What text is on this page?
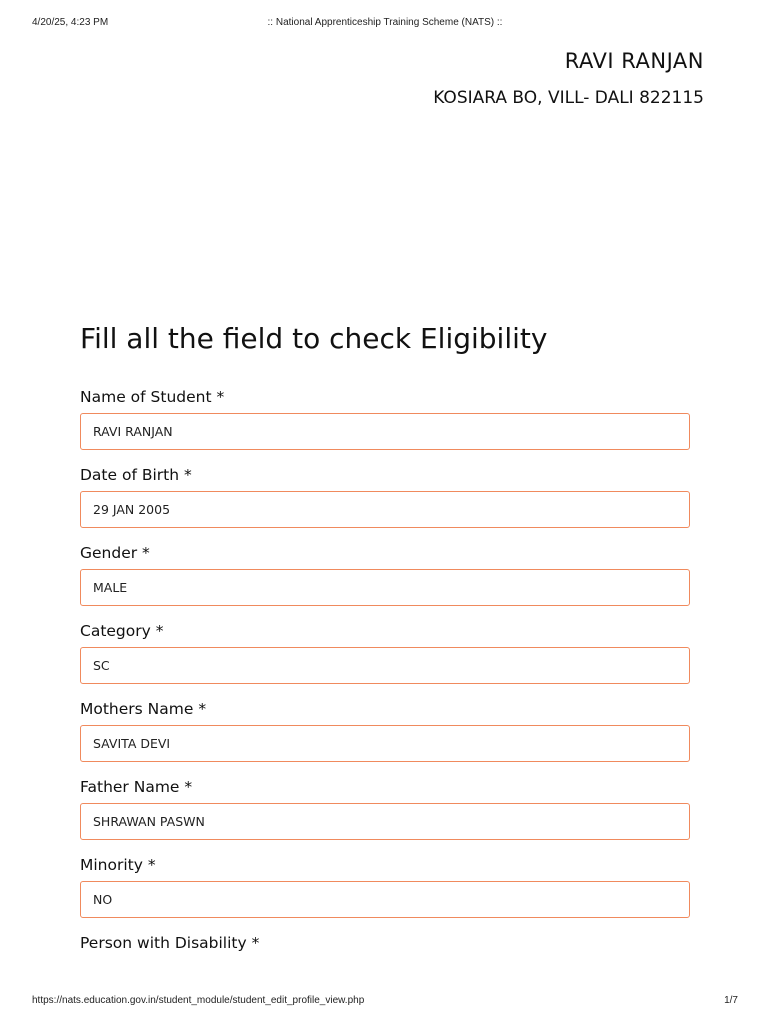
4/20/25, 4:23 PM	:: National Apprenticeship Training Scheme (NATS) ::
RAVI RANJAN
KOSIARA BO, VILL- DALI 822115
Fill all the field to check Eligibility
Name of Student *
RAVI RANJAN
Date of Birth *
29 JAN 2005
Gender *
MALE
Category *
SC
Mothers Name *
SAVITA DEVI
Father Name *
SHRAWAN PASWN
Minority *
NO
Person with Disability *
https://nats.education.gov.in/student_module/student_edit_profile_view.php	1/7
